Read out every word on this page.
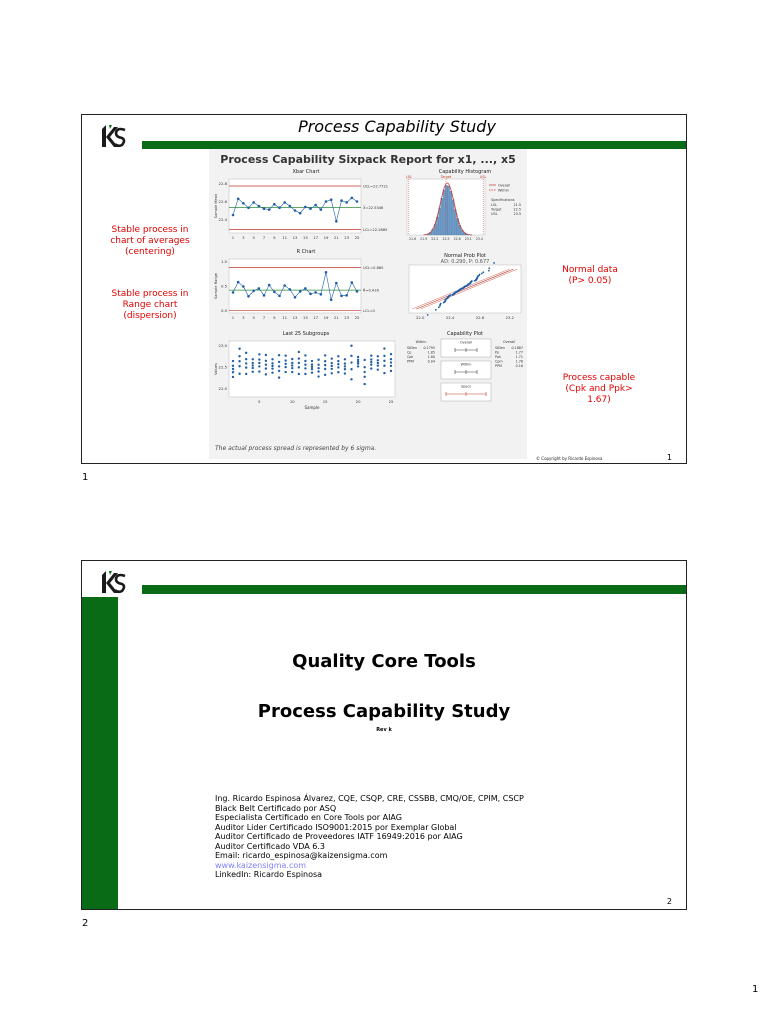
Process Capability Study
Stable process in
chart of averages
(centering)
Stable process in
Range chart
(dispersion)
Normal data
(P> 0.05)
Process capable
(Cpk and Ppk>
1.67)
Process Capability Sixpack Report for x1, ..., x5
Xbar Chart
UCL=22.7721
X̄=22.5346
LCL=22.2885
22.8
22.6
22.4
1 3 5 7 9 11 13 15 17 19 21 23 25
Sample Mean
R Chart
UCL=0.880
R̄=0.416
LCL=0
1.0
0.5
0.0
1 3 5 7 9 11 13 15 17 19 21 23 25
Sample Range
Last 25 Subgroups
23.0
22.5
22.0
5	10	15	20	25
Sample
Values
Capability Histogram
LSL	Target	USL
21.6 21.9 22.2 22.5 22.8 23.1 23.4
Overall
Within
Specifications
LSL	21.5
Target	22.5
USL	23.5
Normal Prob Plot
AD: 0.290, P: 0.677
22.0	22.4	22.8	23.2
Capability Plot
Within
StDev 0.1795
Cp	1.85
Cpk	1.80
PPM	0.04
Overall
StDev 0.1887
Pp	1.77
Ppk	1.71
Cpm	1.76
PPM	0.16
Overall
Within
Specs
The actual process spread is represented by 6 sigma.
© Copyright by Ricardo Espinosa	1
1
Quality Core Tools
Process Capability Study
Rev k
Ing. Ricardo Espinosa Álvarez, CQE, CSQP, CRE, CSSBB, CMQ/OE, CPIM, CSCP
Black Belt Certificado por ASQ
Especialista Certificado en Core Tools por AIAG
Auditor Lider Certificado ISO9001:2015 por Exemplar Global
Auditor Certificado de Proveedores IATF 16949:2016 por AIAG
Auditor Certificado VDA 6.3
Email: ricardo_espinosa@kaizensigma.com
www.kaizensigma.com
LinkedIn: Ricardo Espinosa
2
2
1
